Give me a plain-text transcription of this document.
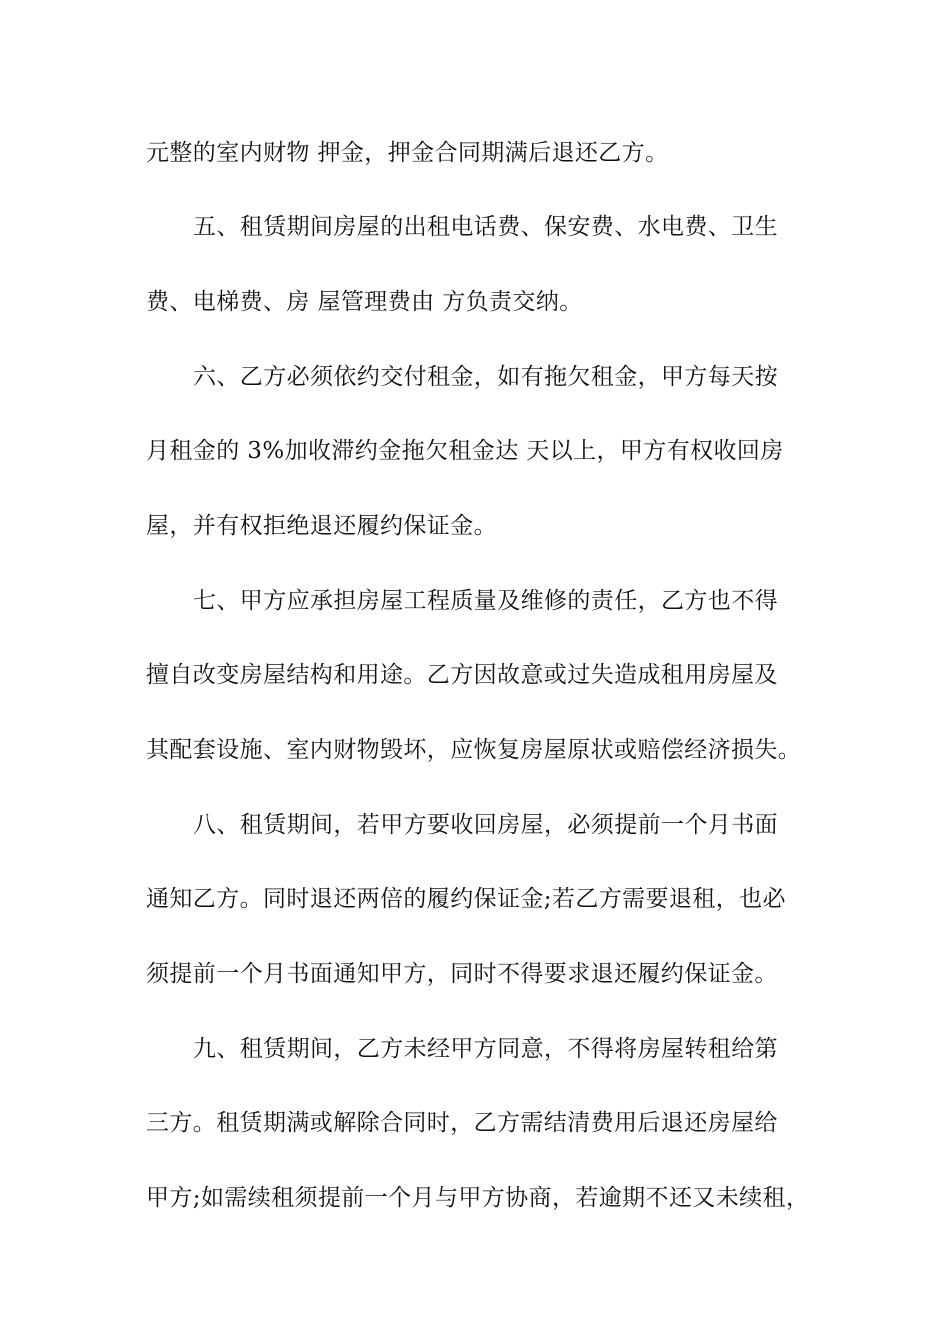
元整的室内财物 押金，押金合同期满后退还乙方。
五、租赁期间房屋的出租电话费、保安费、水电费、卫生
费、电梯费、房 屋管理费由 方负责交纳。
六、乙方必须依约交付租金，如有拖欠租金，甲方每天按
月租金的 3%加收滞约金拖欠租金达 天以上，甲方有权收回房
屋，并有权拒绝退还履约保证金。
七、甲方应承担房屋工程质量及维修的责任，乙方也不得
擅自改变房屋结构和用途。乙方因故意或过失造成租用房屋及
其配套设施、室内财物毁坏，应恢复房屋原状或赔偿经济损失。
八、租赁期间，若甲方要收回房屋，必须提前一个月书面
通知乙方。同时退还两倍的履约保证金;若乙方需要退租，也必
须提前一个月书面通知甲方，同时不得要求退还履约保证金。
九、租赁期间，乙方未经甲方同意，不得将房屋转租给第
三方。租赁期满或解除合同时，乙方需结清费用后退还房屋给
甲方;如需续租须提前一个月与甲方协商，若逾期不还又未续租，
